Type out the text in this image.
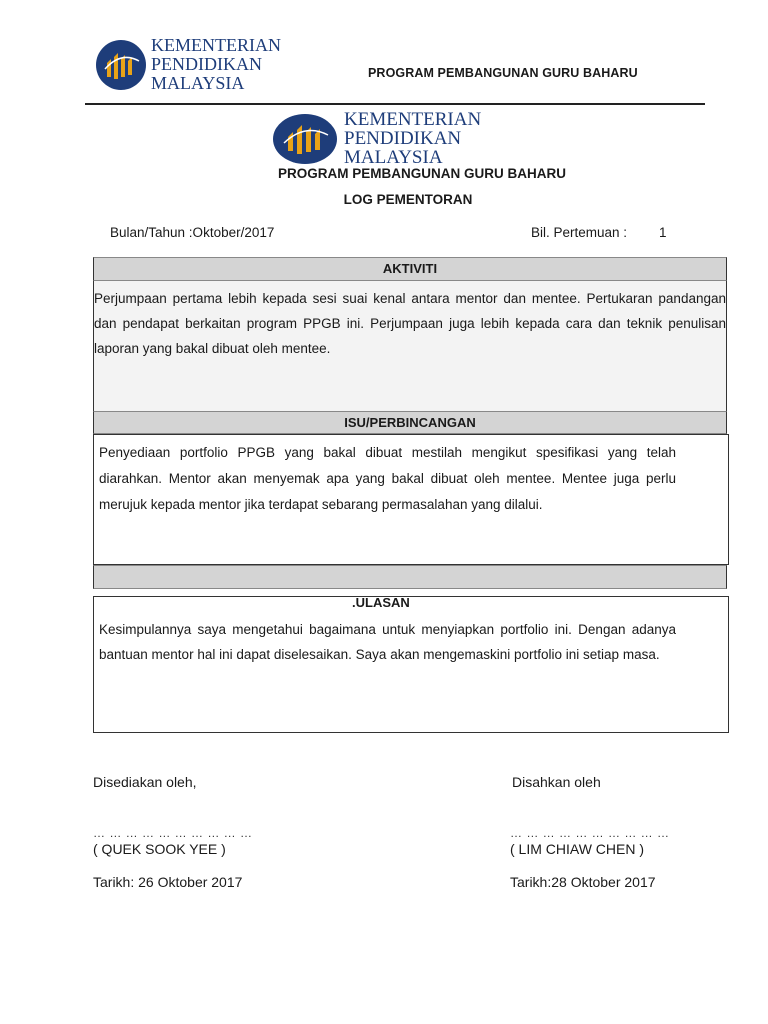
KEMENTERIAN
PENDIDIKAN
MALAYSIA	PROGRAM PEMBANGUNAN GURU BAHARU
KEMENTERIAN
PENDIDIKAN
MALAYSIA
PROGRAM PEMBANGUNAN GURU BAHARU
LOG PEMENTORAN
Bulan/Tahun :Oktober/2017	Bil. Pertemuan : 1
AKTIVITI

Perjumpaan pertama lebih kepada sesi suai kenal antara mentor dan mentee. Pertukaran pandangan dan pendapat berkaitan program PPGB ini. Perjumpaan juga lebih kepada cara dan teknik penulisan laporan yang bakal dibuat oleh mentee.

ISU/PERBINCANGAN
Penyediaan portfolio PPGB yang bakal dibuat mestilah mengikut spesifikasi yang telah diarahkan. Mentor akan menyemak apa yang bakal dibuat oleh mentee. Mentee juga perlu merujuk kepada mentor jika terdapat sebarang permasalahan yang dilalui.
Kesimpulannya saya mengetahui bagaimana untuk menyiapkan portfolio ini. Dengan adanya bantuan mentor hal ini dapat diselesaikan. Saya akan mengemaskini portfolio ini setiap masa.
.ULASAN
Disediakan oleh,	Disahkan oleh
… … … … … … … … … …	… … … … … … … … … …
( QUEK SOOK YEE )	( LIM CHIAW CHEN )
Tarikh: 26 Oktober 2017	Tarikh:28 Oktober 2017
